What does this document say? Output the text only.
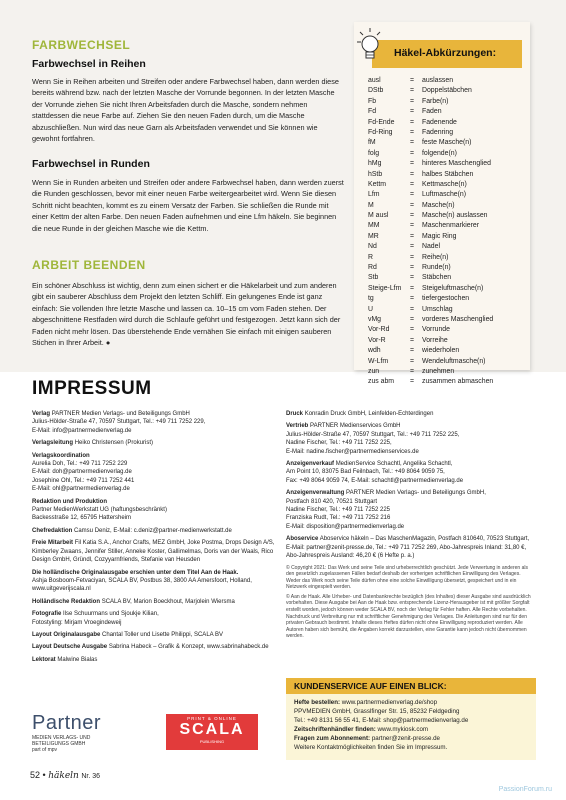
FARBWECHSEL
Farbwechsel in Reihen
Wenn Sie in Reihen arbeiten und Streifen oder andere Farbwechsel haben, dann werden diese bereits während bzw. nach der letzten Masche der Vorrunde begonnen. In der letzten Masche der Vorrunde ziehen Sie nicht Ihren Arbeitsfaden durch die Masche, sondern nehmen stattdessen die neue Farbe auf. Ziehen Sie den neuen Faden durch, um die Masche abzuschließen. Nun wird das neue Garn als Arbeitsfaden verwendet und Sie können wie gewohnt fortfahren.
Farbwechsel in Runden
Wenn Sie in Runden arbeiten und Streifen oder andere Farbwechsel haben, dann werden zuerst die Runden geschlossen, bevor mit einer neuen Farbe weitergearbeitet wird. Wenn Sie diesen Schritt nicht beachten, kommt es zu einem Versatz der Farben. Sie schließen die Runde mit einer Kettm der alten Farbe. Den neuen Faden aufnehmen und eine Lfm häkeln. Sie beginnen die neue Runde in der gleichen Masche wie die Kettm.
ARBEIT BEENDEN
Ein schöner Abschluss ist wichtig, denn zum einen sichert er die Häkelarbeit und zum anderen gibt ein sauberer Abschluss dem Projekt den letzten Schliff. Ein gelungenes Ende ist ganz einfach: Sie vollenden Ihre letzte Masche und lassen ca. 10–15 cm vom Faden stehen. Der abgeschnittene Restfaden wird durch die Schlaufe geführt und festgezogen. Jetzt kann sich der Faden nicht mehr lösen. Das überstehende Ende vernähen Sie einfach mit einigen sauberen Stichen in Ihrer Arbeit. ●
Häkel-Abkürzungen:
ausl	=	auslassen
DStb	=	Doppelstäbchen
Fb	=	Farbe(n)
Fd	=	Faden
Fd-Ende	=	Fadenende
Fd-Ring	=	Fadenring
fM	=	feste Masche(n)
folg	=	folgende(n)
hMg	=	hinteres Maschenglied
hStb	=	halbes Stäbchen
Kettm	=	Kettmasche(n)
Lfm	=	Luftmasche(n)
M	=	Masche(n)
M ausl	=	Masche(n) auslassen
MM	=	Maschenmarkierer
MR	=	Magic Ring
Nd	=	Nadel
R	=	Reihe(n)
Rd	=	Runde(n)
Stb	=	Stäbchen
Steige-Lfm	=	Steigeluftmasche(n)
tg	=	tiefergestochen
U	=	Umschlag
vMg	=	vorderes Maschenglied
Vor-Rd	=	Vorrunde
Vor-R	=	Vorreihe
wdh	=	wiederholen
W-Lfm	=	Wendeluftmasche(n)
zun	=	zunehmen
zus abm	=	zusammen abmaschen
IMPRESSUM
Verlag PARTNER Medien Verlags- und Beteiligungs GmbH
Julius-Hölder-Straße 47, 70597 Stuttgart, Tel.: +49 711 7252 229,
E-Mail: info@partnermedienverlag.de
Verlagsleitung Heiko Christensen (Prokurist)
Verlagskoordination
Aurelia Doh, Tel.: +49 711 7252 229
E-Mail: doh@partnermedienverlag.de
Josephine Ohl, Tel.: +49 711 7252 441
E-Mail: ohl@partnermedienverlag.de
Redaktion und Produktion
Partner MedienWerkstatt UG (haftungsbeschränkt)
Backesstraße 12, 65795 Hattersheim
Chefredaktion Camsu Deniz, E-Mail: c.deniz@partner-medienwerkstatt.de
Freie Mitarbeit Fil Katia S.A., Anchor Crafts, MEZ GmbH, Joke Postma, Drops Design A/S, Kimberley Zwaans, Jennifer Stiller, Anneke Koster, Gallimelmas, Doris van der Waals, Rico Design GmbH, Gründl, Cozyyarnfriends, Stefanie van Heusden
Die holländische Originalausgabe erschien unter dem Titel Aan de Haak.
Ashja Bosboom-Fetvaciyan, SCALA BV, Postbus 38, 3800 AA Amersfoort, Holland, www.uitgeverijscala.nl
Holländische Redaktion SCALA BV, Marion Boeckhout, Marjolein Wiersma
Fotografie Ilse Schuurmans und Sjoukje Kilian,
Fotostyling: Mirjam Vroegindeweij
Layout Originalausgabe Chantal Toller und Lisette Philippi, SCALA BV
Layout Deutsche Ausgabe Sabrina Habeck – Grafik & Konzept, www.sabrinahabeck.de
Lektorat Malwine Bialas
Druck Konradin Druck GmbH, Leinfelden-Echterdingen
Vertrieb PARTNER Medienservices GmbH
Julius-Hölder-Straße 47, 70597 Stuttgart, Tel.: +49 711 7252 225,
Nadine Fischer, Tel.: +49 711 7252 225,
E-Mail: nadine.fischer@partnermedienservices.de
Anzeigenverkauf MedienService Schachtl, Angelika Schachtl,
Am Point 10, 83075 Bad Feilnbach, Tel.: +49 8064 9059 75,
Fax: +49 8064 9059 74, E-Mail: schachtl@partnermedienverlag.de
Anzeigenverwaltung PARTNER Medien Verlags- und Beteiligungs GmbH,
Postfach 810 420, 70521 Stuttgart
Nadine Fischer, Tel.: +49 711 7252 225
Franziska Rudt, Tel.: +49 711 7252 216
E-Mail: disposition@partnermedienverlag.de
Aboservice Aboservice häkeln – Das MaschenMagazin, Postfach 810640, 70523 Stuttgart, E-Mail: partner@zenit-presse.de, Tel.: +49 711 7252 269, Abo-Jahrespreis Inland: 31,80 €, Abo-Jahrespreis Ausland: 46,20 € (6 Hefte p. a.)
© Copyright 2021: Das Werk und seine Teile sind urheberrechtlich geschützt. Jede Verwertung in anderen als den gesetzlich zugelassenen Fällen bedarf deshalb der vorherigen schriftlichen Einwilligung des Verlages. Weder das Werk noch seine Teile dürfen ohne eine solche Einwilligung übersetzt, gespeichert und in ein Netzwerk eingespielt werden.
© Aan de Haak. Alle Urheber- und Datenbankrechte bezüglich (des Inhaltes) dieser Ausgabe sind ausdrücklich vorbehalten. Diese Ausgabe bei Aan de Haak bzw. entsprechende Lizenz-Herausgeber ist mit größter Sorgfalt erstellt worden, jedoch können weder SCALA BV, noch der Verlag für Fehler haften. Alle Rechte vorbehalten. Nachdruck und Verbreitung nur mit schriftlicher Genehmigung des Verlages. Die Anleitungen sind nur für den privaten Gebrauch bestimmt. Inhalte dieses Heftes dürfen nicht ohne Einwilligung reproduziert werden. Alle Autoren haben sich bemüht, die Angaben korrekt darzustellen, eine Garantie kann jedoch nicht übernommen werden.
KUNDENSERVICE AUF EINEN BLICK:
Hefte bestellen: www.partnermedienverlag.de/shop
PPVMEDIEN GmbH, Grasslfinger Str. 15, 85232 Feldgeding
Tel.: +49 8131 56 55 41, E-Mail: shop@partnermedienverlag.de
Zeitschriftenhändler finden: www.mykiosk.com
Fragen zum Abonnement: partner@zenit-presse.de
Weitere Kontaktmöglichkeiten finden Sie im Impressum.
Partner
MEDIEN VERLAGS- UND
BETEILIGUNGS GMBH
part of mpv
PRINT & ONLINE
SCALA
PUBLISHING
52 • häkeln Nr. 36
PassionForum.ru
